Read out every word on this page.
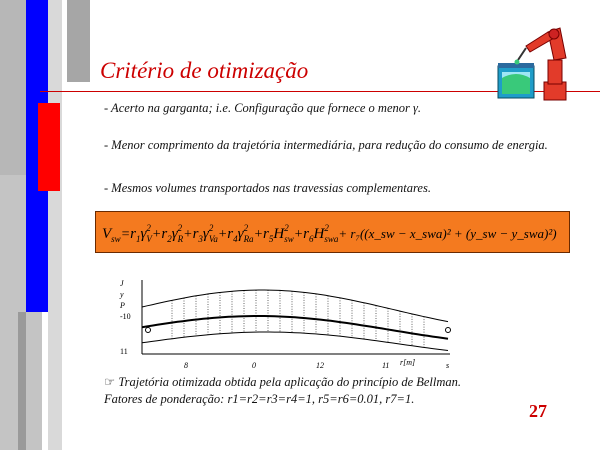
Critério de otimização
- Acerto na garganta; i.e. Configuração que fornece o menor γ.
- Menor comprimento da trajetória intermediária, para redução do consumo de energia.
- Mesmos volumes transportados nas travessias complementares.
V sw = r 1 γ 2
V + r 2 γ 2
R + r 3 γ 2
Va + r 4 γ 2
Ra + r 5 H 2
sw + r 6 H 2
swa + r₇((x_sw − x_swa)² + (y_sw − y_swa)²)
J
y
P
-10
11
8	0	12	11	s
r[m]
☞ Trajetória otimizada obtida pela aplicação do princípio de Bellman.
Fatores de ponderação: r1=r2=r3=r4=1, r5=r6=0.01, r7=1.
27
